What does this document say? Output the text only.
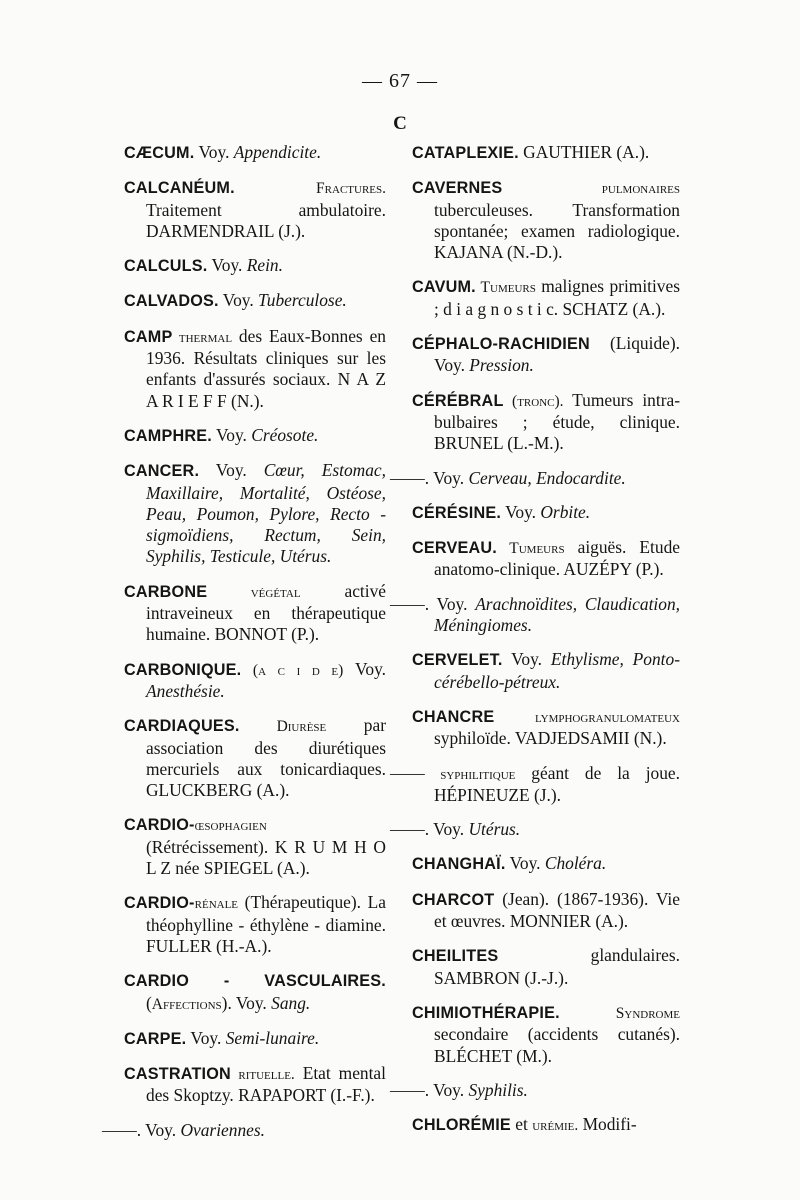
— 67 —
C
CÆCUM. Voy. Appendicite.
CALCANÉUM. Fractures. Traitement ambulatoire. DARMENDRAIL (J.).
CALCULS. Voy. Rein.
CALVADOS. Voy. Tuberculose.
CAMP thermal des Eaux-Bonnes en 1936. Résultats cliniques sur les enfants d'assurés sociaux. N A Z A R I E F F (N.).
CAMPHRE. Voy. Créosote.
CANCER. Voy. Cœur, Estomac, Maxillaire, Mortalité, Ostéose, Peau, Poumon, Pylore, Recto - sigmoïdiens, Rectum, Sein, Syphilis, Testicule, Utérus.
CARBONE végétal activé intraveineux en thérapeutique humaine. BONNOT (P.).
CARBONIQUE. (a c i d e) Voy. Anesthésie.
CARDIAQUES. Diurèse par association des diurétiques mercuriels aux tonicardiaques. GLUCKBERG (A.).
CARDIO-œsophagien (Rétrécissement). K R U M H O L Z née SPIEGEL (A.).
CARDIO-rénale (Thérapeutique). La théophylline - éthylène - diamine. FULLER (H.-A.).
CARDIO - VASCULAIRES. (Affections). Voy. Sang.
CARPE. Voy. Semi-lunaire.
CASTRATION rituelle. Etat mental des Skoptzy. RAPAPORT (I.-F.).
——. Voy. Ovariennes.
CATAPLEXIE. GAUTHIER (A.).
CAVERNES pulmonaires tuberculeuses. Transformation spontanée; examen radiologique. KAJANA (N.-D.).
CAVUM. Tumeurs malignes primitives ; d i a g n o s t i c. SCHATZ (A.).
CÉPHALO-RACHIDIEN (Liquide). Voy. Pression.
CÉRÉBRAL (tronc). Tumeurs intra-bulbaires ; étude, clinique. BRUNEL (L.-M.).
——. Voy. Cerveau, Endocardite.
CÉRÉSINE. Voy. Orbite.
CERVEAU. Tumeurs aiguës. Etude anatomo-clinique. AUZÉPY (P.).
——. Voy. Arachnoïdites, Claudication, Méningiomes.
CERVELET. Voy. Ethylisme, Ponto-cérébello-pétreux.
CHANCRE lymphogranulomateux syphiloïde. VADJEDSAMII (N.).
—— syphilitique géant de la joue. HÉPINEUZE (J.).
——. Voy. Utérus.
CHANGHAÏ. Voy. Choléra.
CHARCOT (Jean). (1867-1936). Vie et œuvres. MONNIER (A.).
CHEILITES glandulaires. SAMBRON (J.-J.).
CHIMIOTHÉRAPIE. Syndrome secondaire (accidents cutanés). BLÉCHET (M.).
——. Voy. Syphilis.
CHLORÉMIE et urémie. Modifi-
